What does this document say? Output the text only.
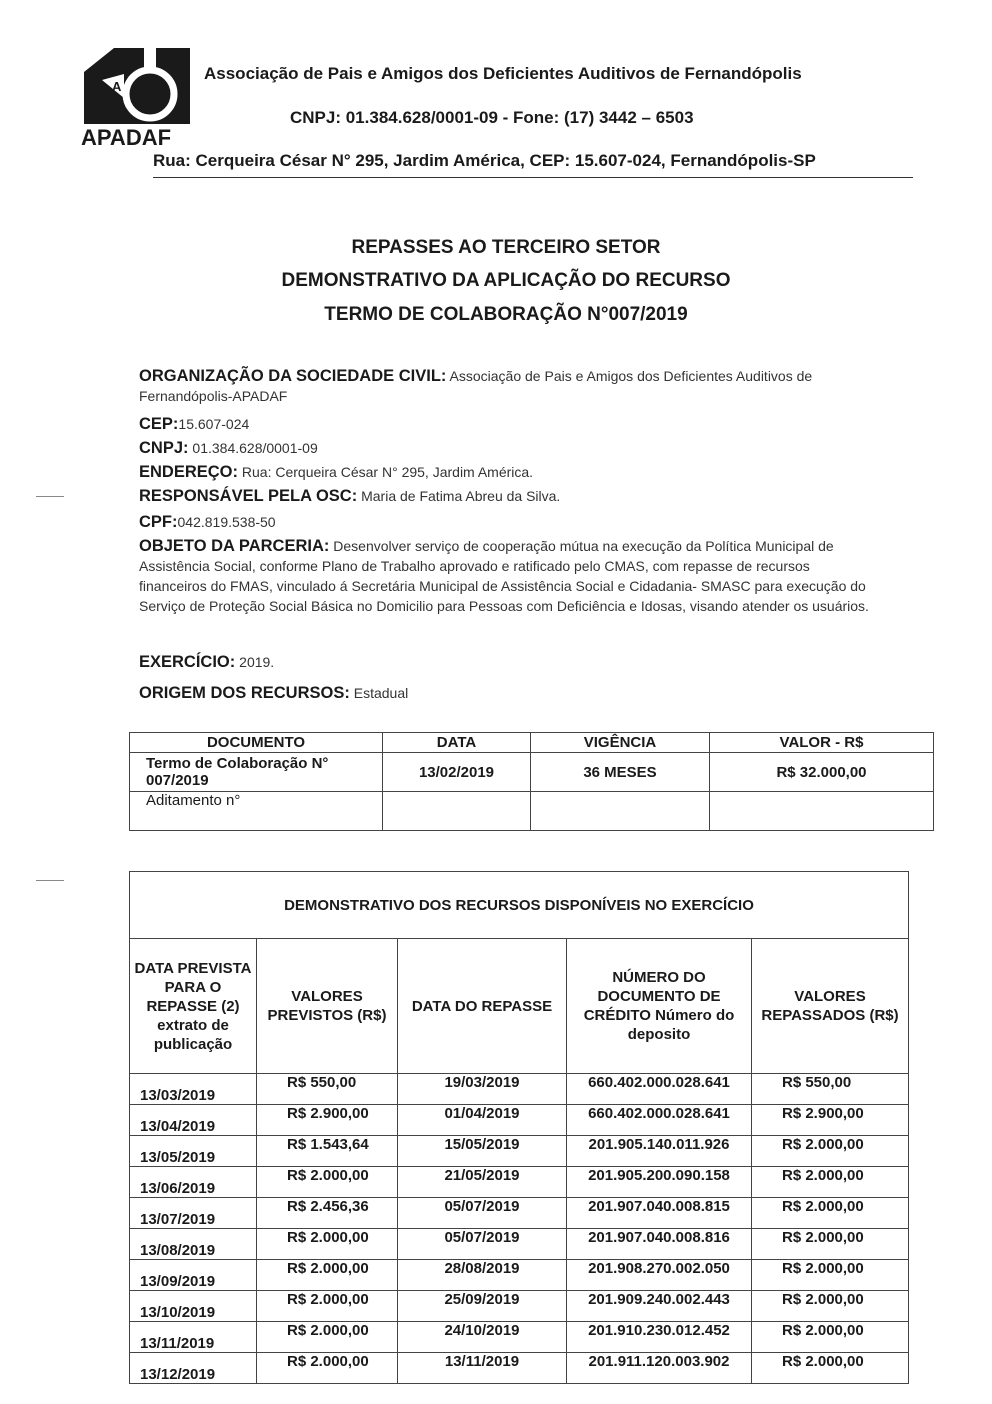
A
APADAF
Associação de Pais e Amigos dos Deficientes Auditivos de Fernandópolis
CNPJ: 01.384.628/0001-09 - Fone: (17) 3442 – 6503
Rua: Cerqueira César N° 295, Jardim América, CEP: 15.607-024, Fernandópolis-SP
REPASSES AO TERCEIRO SETOR
DEMONSTRATIVO DA APLICAÇÃO DO RECURSO
TERMO DE COLABORAÇÃO N°007/2019
ORGANIZAÇÃO DA SOCIEDADE CIVIL: Associação de Pais e Amigos dos Deficientes Auditivos de Fernandópolis-APADAF
CEP:15.607-024
CNPJ: 01.384.628/0001-09
ENDEREÇO: Rua: Cerqueira César N° 295, Jardim América.
RESPONSÁVEL PELA OSC: Maria de Fatima Abreu da Silva.
CPF:042.819.538-50
OBJETO DA PARCERIA: Desenvolver serviço de cooperação mútua na execução da Política Municipal de Assistência Social, conforme Plano de Trabalho aprovado e ratificado pelo CMAS, com repasse de recursos financeiros do FMAS, vinculado á Secretária Municipal de Assistência Social e Cidadania- SMASC para execução do Serviço de Proteção Social Básica no Domicilio para Pessoas com Deficiência e Idosas, visando atender os usuários.
EXERCÍCIO: 2019.
ORIGEM DOS RECURSOS: Estadual
DOCUMENTO	DATA	VIGÊNCIA	VALOR - R$
Termo de Colaboração N° 007/2019	13/02/2019	36 MESES	R$ 32.000,00
Aditamento n°			
DEMONSTRATIVO DOS RECURSOS DISPONÍVEIS NO EXERCÍCIO				
DATA PREVISTA PARA O REPASSE (2) extrato de publicação	VALORES PREVISTOS (R$)	DATA DO REPASSE	NÚMERO DO DOCUMENTO DE CRÉDITO Número do deposito	VALORES REPASSADOS (R$)
13/03/2019	R$ 550,00	19/03/2019	660.402.000.028.641	R$ 550,00
13/04/2019	R$ 2.900,00	01/04/2019	660.402.000.028.641	R$ 2.900,00
13/05/2019	R$ 1.543,64	15/05/2019	201.905.140.011.926	R$ 2.000,00
13/06/2019	R$ 2.000,00	21/05/2019	201.905.200.090.158	R$ 2.000,00
13/07/2019	R$ 2.456,36	05/07/2019	201.907.040.008.815	R$ 2.000,00
13/08/2019	R$ 2.000,00	05/07/2019	201.907.040.008.816	R$ 2.000,00
13/09/2019	R$ 2.000,00	28/08/2019	201.908.270.002.050	R$ 2.000,00
13/10/2019	R$ 2.000,00	25/09/2019	201.909.240.002.443	R$ 2.000,00
13/11/2019	R$ 2.000,00	24/10/2019	201.910.230.012.452	R$ 2.000,00
13/12/2019	R$ 2.000,00	13/11/2019	201.911.120.003.902	R$ 2.000,00
